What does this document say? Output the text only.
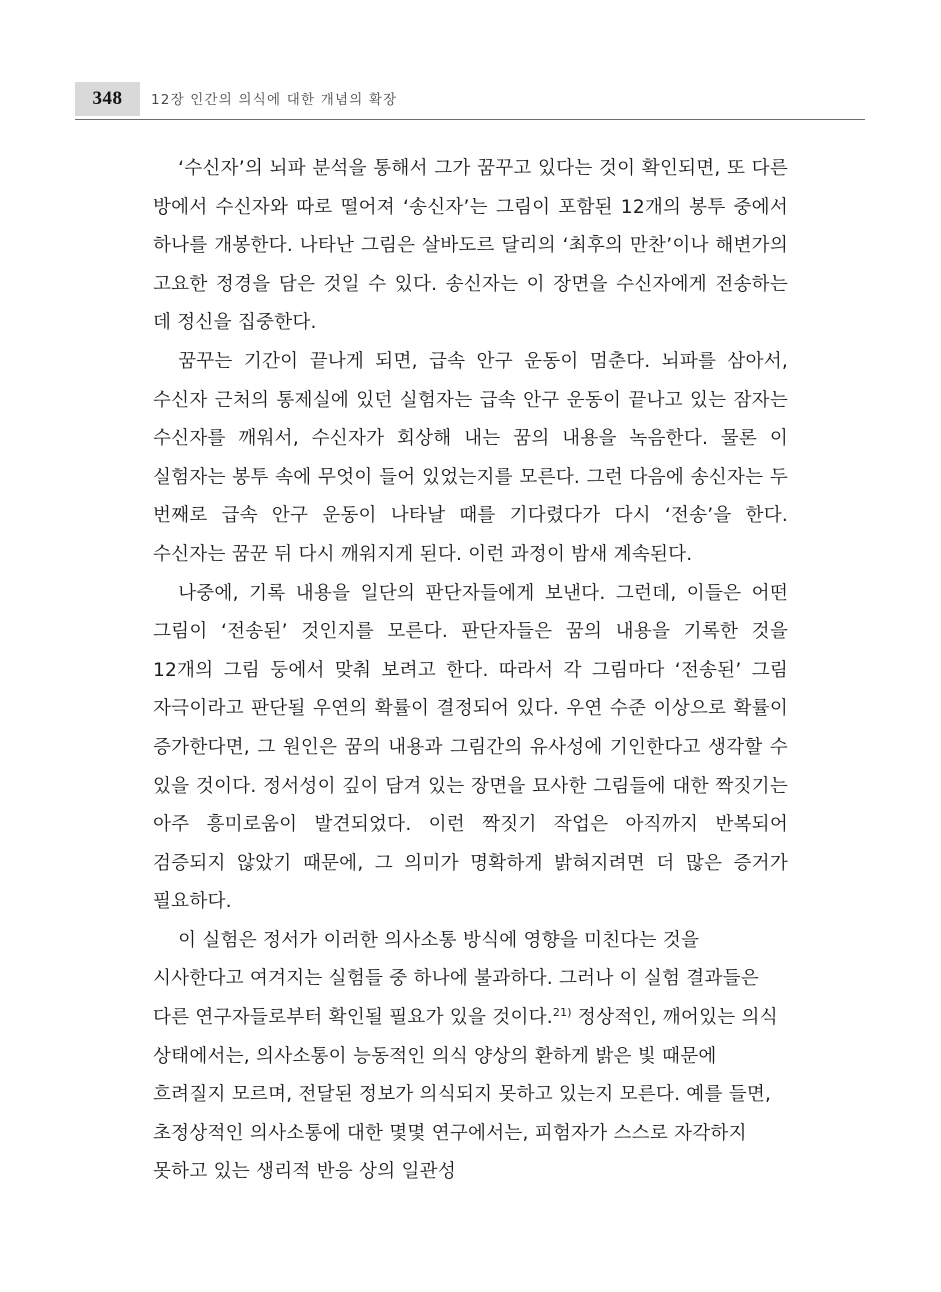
348	12장 인간의 의식에 대한 개념의 확장

‘수신자’의 뇌파 분석을 통해서 그가 꿈꾸고 있다는 것이 확인되면, 또 다른 방에서 수신자와 따로 떨어져 ‘송신자’는 그림이 포함된 12개의 봉투 중에서 하나를 개봉한다. 나타난 그림은 살바도르 달리의 ‘최후의 만찬’이나 해변가의 고요한 정경을 담은 것일 수 있다. 송신자는 이 장면을 수신자에게 전송하는 데 정신을 집중한다.

꿈꾸는 기간이 끝나게 되면, 급속 안구 운동이 멈춘다. 뇌파를 삼아서, 수신자 근처의 통제실에 있던 실험자는 급속 안구 운동이 끝나고 있는 잠자는 수신자를 깨워서, 수신자가 회상해 내는 꿈의 내용을 녹음한다. 물론 이 실험자는 봉투 속에 무엇이 들어 있었는지를 모른다. 그런 다음에 송신자는 두 번째로 급속 안구 운동이 나타날 때를 기다렸다가 다시 ‘전송’을 한다. 수신자는 꿈꾼 뒤 다시 깨워지게 된다. 이런 과정이 밤새 계속된다.

나중에, 기록 내용을 일단의 판단자들에게 보낸다. 그런데, 이들은 어떤 그림이 ‘전송된’ 것인지를 모른다. 판단자들은 꿈의 내용을 기록한 것을 12개의 그림 둥에서 맞춰 보려고 한다. 따라서 각 그림마다 ‘전송된’ 그림 자극이라고 판단될 우연의 확률이 결정되어 있다. 우연 수준 이상으로 확률이 증가한다면, 그 원인은 꿈의 내용과 그림간의 유사성에 기인한다고 생각할 수 있을 것이다. 정서성이 깊이 담겨 있는 장면을 묘사한 그림들에 대한 짝짓기는 아주 흥미로움이 발견되었다. 이런 짝짓기 작업은 아직까지 반복되어 검증되지 않았기 때문에, 그 의미가 명확하게 밝혀지려면 더 많은 증거가 필요하다.

이 실험은 정서가 이러한 의사소통 방식에 영향을 미친다는 것을 시사한다고 여겨지는 실험들 중 하나에 불과하다. 그러나 이 실험 결과들은 다른 연구자들로부터 확인될 필요가 있을 것이다.$^{21)}$ 정상적인, 깨어있는 의식 상태에서는, 의사소통이 능동적인 의식 양상의 환하게 밝은 빛 때문에 흐려질지 모르며, 전달된 정보가 의식되지 못하고 있는지 모른다. 예를 들면, 초정상적인 의사소통에 대한 몇몇 연구에서는, 피험자가 스스로 자각하지 못하고 있는 생리적 반응 상의 일관성
